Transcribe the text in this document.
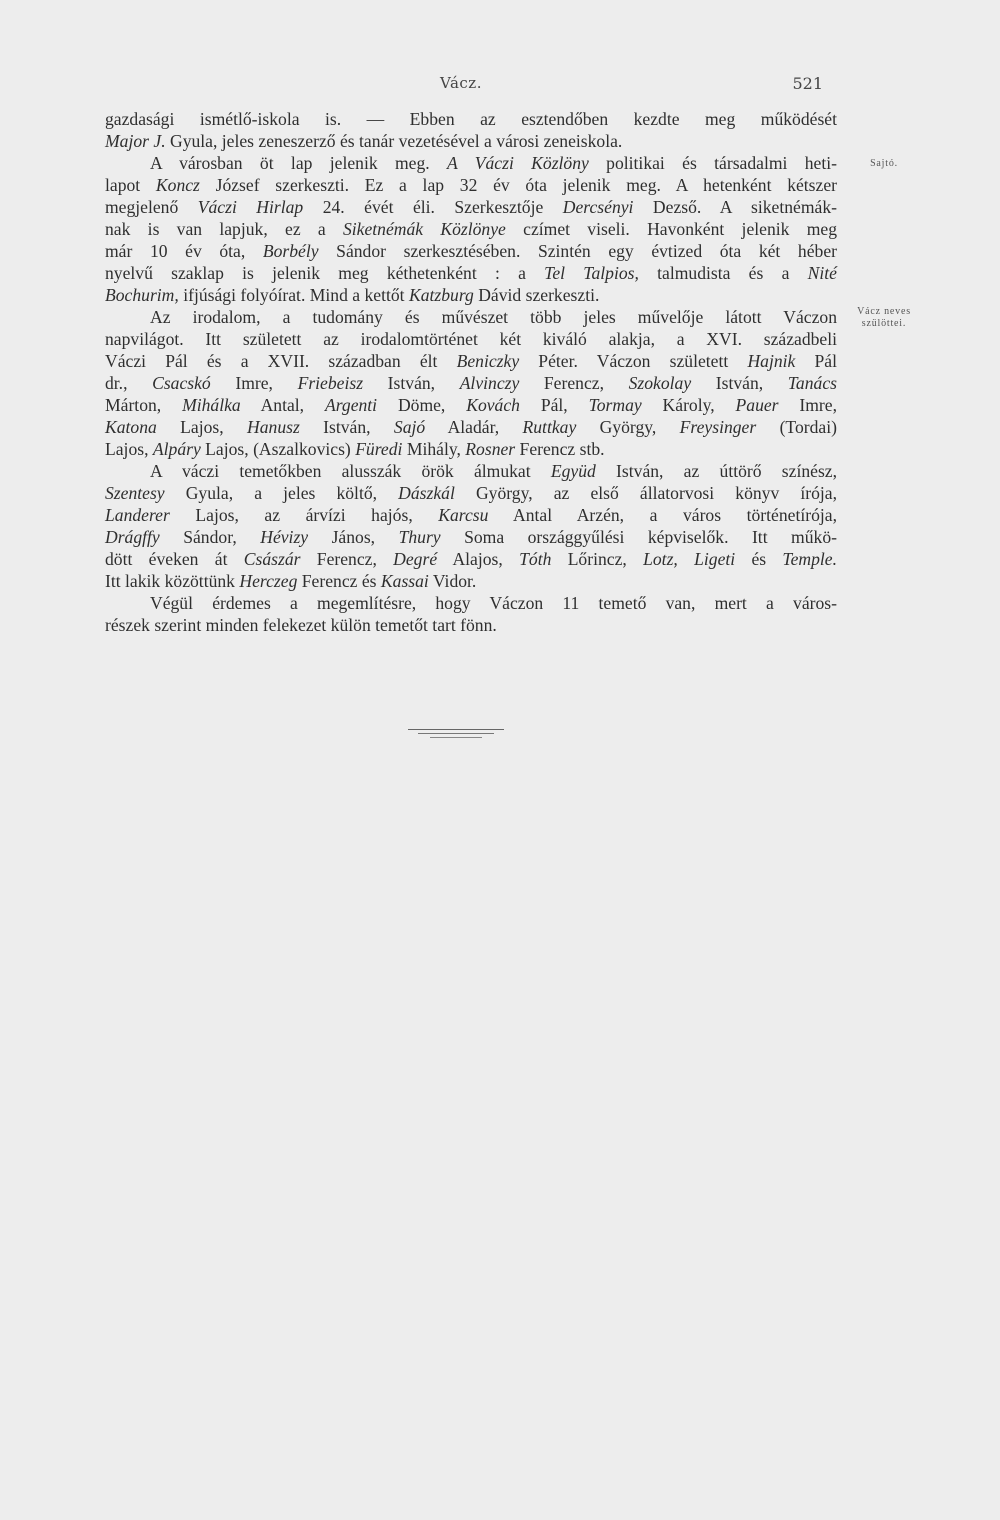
Vácz.	521
gazdasági ismétlő-iskola is. — Ebben az esztendőben kezdte meg működését
Major J. Gyula, jeles zeneszerző és tanár vezetésével a városi zeneiskola.
A városban öt lap jelenik meg. A Váczi Közlöny politikai és társadalmi heti-
lapot Koncz József szerkeszti. Ez a lap 32 év óta jelenik meg. A hetenként kétszer
megjelenő Váczi Hirlap 24. évét éli. Szerkesztője Dercsényi Dezső. A siketnémák-
nak is van lapjuk, ez a Siketnémák Közlönye czímet viseli. Havonként jelenik meg
már 10 év óta, Borbély Sándor szerkesztésében. Szintén egy évtized óta két héber
nyelvű szaklap is jelenik meg kéthetenként : a Tel Talpios, talmudista és a Nité
Bochurim, ifjúsági folyóírat. Mind a kettőt Katzburg Dávid szerkeszti.
Az irodalom, a tudomány és művészet több jeles művelője látott Váczon
napvilágot. Itt született az irodalomtörténet két kiváló alakja, a XVI. századbeli
Váczi Pál és a XVII. században élt Beniczky Péter. Váczon született Hajnik Pál
dr., Csacskó Imre, Friebeisz István, Alvinczy Ferencz, Szokolay István, Tanács
Márton, Mihálka Antal, Argenti Döme, Kovách Pál, Tormay Károly, Pauer Imre,
Katona Lajos, Hanusz István, Sajó Aladár, Ruttkay György, Freysinger (Tordai)
Lajos, Alpáry Lajos, (Aszalkovics) Füredi Mihály, Rosner Ferencz stb.
A váczi temetőkben alusszák örök álmukat Együd István, az úttörő színész,
Szentesy Gyula, a jeles költő, Dászkál György, az első állatorvosi könyv írója,
Landerer Lajos, az árvízi hajós, Karcsu Antal Arzén, a város történetírója,
Drágffy Sándor, Hévizy János, Thury Soma országgyűlési képviselők. Itt műkö-
dött éveken át Császár Ferencz, Degré Alajos, Tóth Lőrincz, Lotz, Ligeti és Temple.
Itt lakik közöttünk Herczeg Ferencz és Kassai Vidor.
Végül érdemes a megemlítésre, hogy Váczon 11 temető van, mert a város-
részek szerint minden felekezet külön temetőt tart fönn.
Sajtó.
Vácz neves
szülöttei.
